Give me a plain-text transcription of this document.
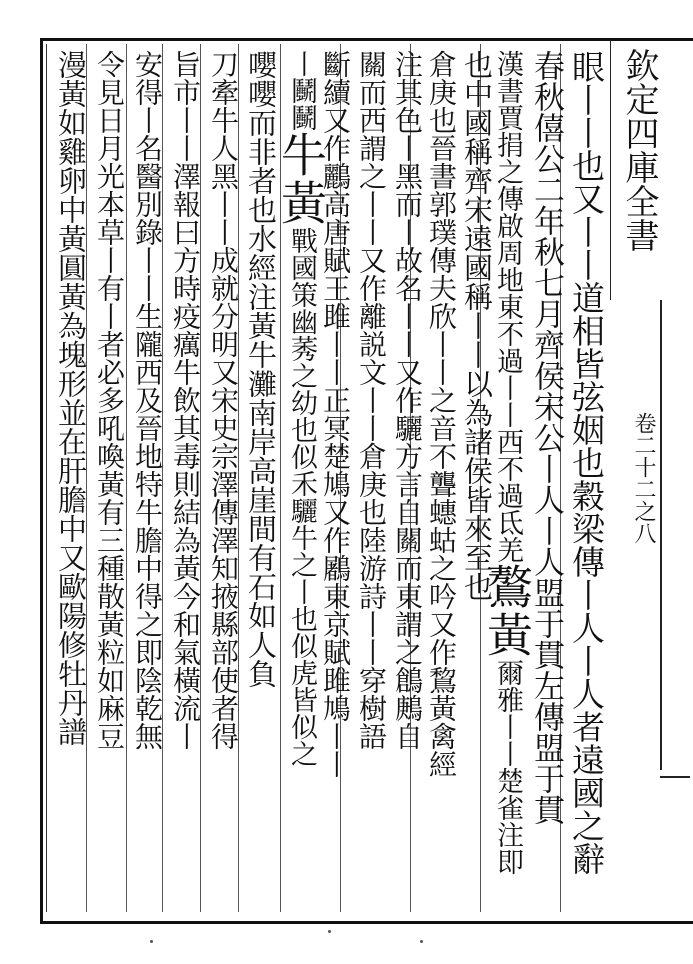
欽定四庫全書
卷二十二之八
眼丨丨也又丨丨道相皆弦姻也穀梁傳丨人丨人者遠國之辭
春秋僖公二年秋七月齊侯宋公丨人丨人盟于貫左傳盟于貫
漢書賈捐之傳啟周地東不過丨丨西不過氐羌鷔黃爾雅丨丨楚雀注即
也中國稱齊宋遠國稱丨丨以為諸侯皆來至也
倉庚也晉書郭璞傳夫欣丨丨之音不聾蟪蛄之吟又作鵹黃禽經
注其色丨黑而丨故名丨丨又作驪方言自關而東謂之鶬鶊自
關而西謂之丨丨又作離説文丨丨倉庚也陸游詩丨丨穿樹語
斷續又作鸝高唐賦王雎丨丨正冥楚鳩又作鷵東京賦雎鳩丨丨
丨鬭鬭牛黃戰國策幽莠之幼也似禾驪牛之丨也似虎皆似之
嚶嚶而非者也水經注黃牛灘南岸高崖間有石如人負
刀牽牛人黑丨丨成就分明又宋史宗澤傳澤知掖縣部使者得
旨市丨丨澤報曰方時疫癘牛飲其毒則結為黃今和氣橫流丨
安得丨名醫別錄丨丨生隴西及晉地特牛膽中得之即陰乾無
令見日月光本草丨有丨者必多吼喚黃有三種散黃粒如麻豆
漫黃如雞卵中黃圓黃為塊形並在肝膽中又歐陽修牡丹譜
